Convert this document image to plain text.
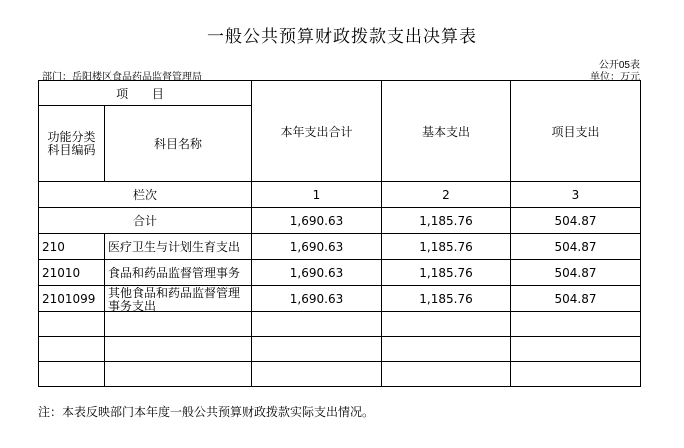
一般公共预算财政拨款支出决算表
公开05表
部门：岳阳楼区食品药品监督管理局	单位：万元
项 目		本年支出合计	基本支出	项目支出
功能分类科目编码	科目名称			
栏次		1	2	3
合计		1,690.63	1,185.76	504.87
210	医疗卫生与计划生育支出	1,690.63	1,185.76	504.87
21010	食品和药品监督管理事务	1,690.63	1,185.76	504.87
2101099	其他食品和药品监督管理事务支出	1,690.63	1,185.76	504.87

注：本表反映部门本年度一般公共预算财政拨款实际支出情况。
